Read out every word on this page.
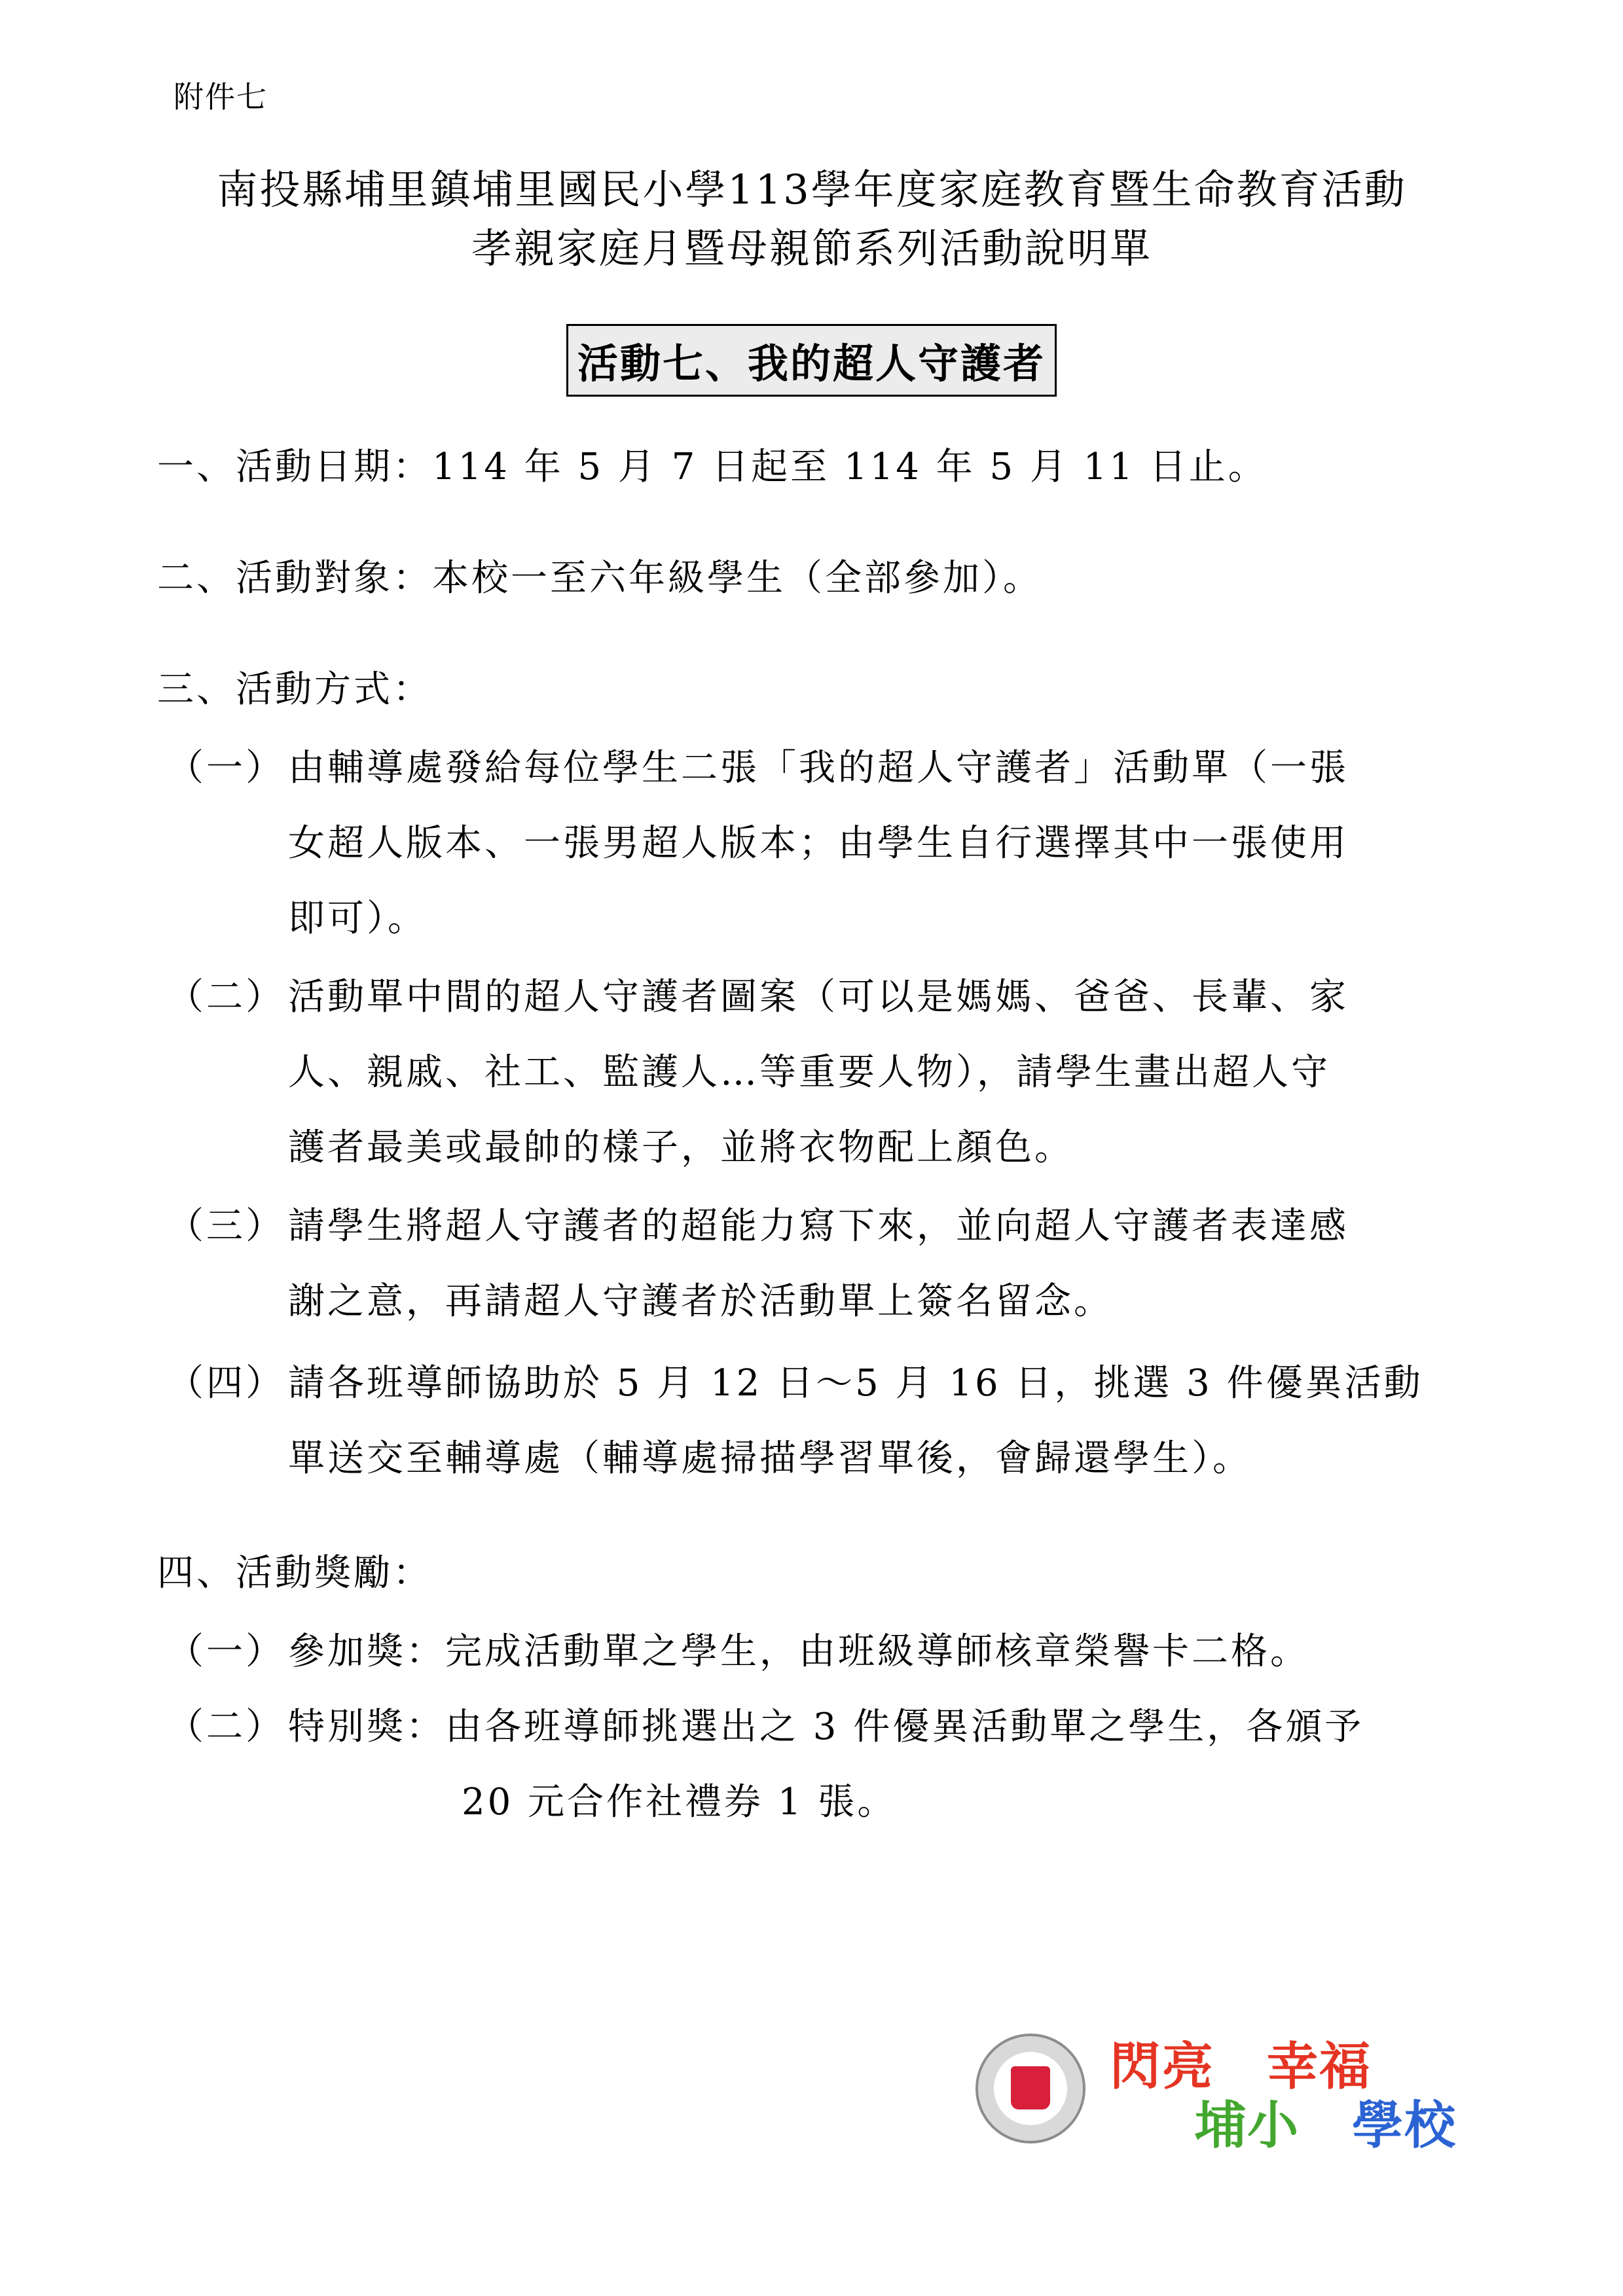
附件七
南投縣埔里鎮埔里國民小學113學年度家庭教育暨生命教育活動
孝親家庭月暨母親節系列活動說明單
活動七、我的超人守護者
一、活動日期：114 年 5 月 7 日起至 114 年 5 月 11 日止。
二、活動對象：本校一至六年級學生（全部參加）。
三、活動方式：
（一） 由輔導處發給每位學生二張「我的超人守護者」活動單（一張
女超人版本、一張男超人版本；由學生自行選擇其中一張使用
即可）。
（二） 活動單中間的超人守護者圖案（可以是媽媽、爸爸、長輩、家
人、親戚、社工、監護人…等重要人物），請學生畫出超人守
護者最美或最帥的樣子，並將衣物配上顏色。
（三） 請學生將超人守護者的超能力寫下來，並向超人守護者表達感
謝之意，再請超人守護者於活動單上簽名留念。
（四） 請各班導師協助於 5 月 12 日～5 月 16 日，挑選 3 件優異活動
單送交至輔導處（輔導處掃描學習單後，會歸還學生）。
四、活動獎勵：
（一） 參加獎：完成活動單之學生，由班級導師核章榮譽卡二格。
（二） 特別獎：由各班導師挑選出之 3 件優異活動單之學生，各頒予
20 元合作社禮券 1 張。
閃亮 幸福
埔小 學校
